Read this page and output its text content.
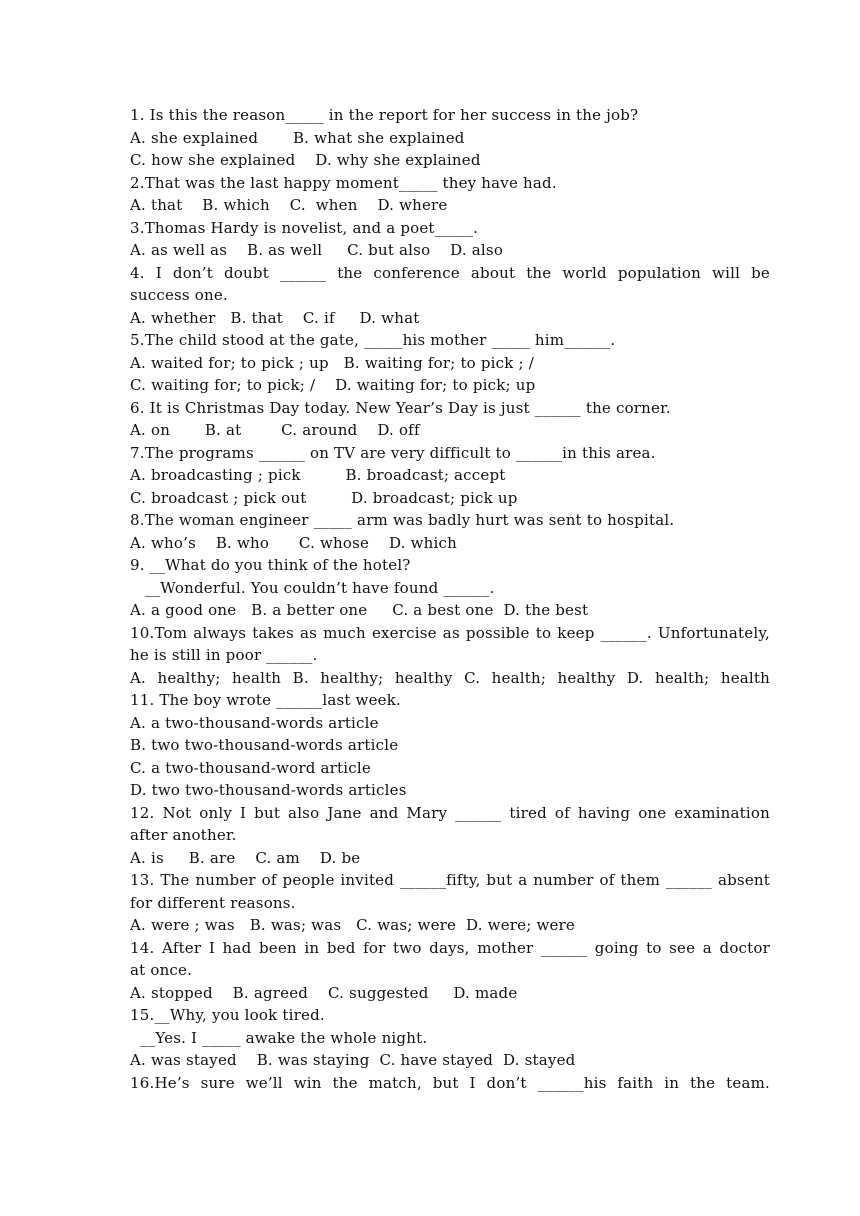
1. Is this the reason_____ in the report for her success in the job?
A. she explained       B. what she explained
C. how she explained    D. why she explained
2.That was the last happy moment_____ they have had.
A. that    B. which    C.  when    D. where
3.Thomas Hardy is novelist, and a poet_____.
A. as well as    B. as well     C. but also    D. also
4. I don’t doubt ______ the conference about the world population will be
success one.
A. whether   B. that    C. if     D. what
5.The child stood at the gate, _____his mother _____ him______.
A. waited for; to pick ; up   B. waiting for; to pick ; /
C. waiting for; to pick; /    D. waiting for; to pick; up
6. It is Christmas Day today. New Year’s Day is just ______ the corner.
A. on       B. at        C. around    D. off
7.The programs ______ on TV are very difficult to ______in this area.
A. broadcasting ; pick         B. broadcast; accept
C. broadcast ; pick out         D. broadcast; pick up
8.The woman engineer _____ arm was badly hurt was sent to hospital.
A. who’s    B. who      C. whose    D. which
9. __What do you think of the hotel?
__Wonderful. You couldn’t have found ______.
A. a good one   B. a better one     C. a best one  D. the best
10.Tom always takes as much exercise as possible to keep ______. Unfortunately,
he is still in poor ______.
A. healthy; health B. healthy; healthy C. health; healthy D. health; health
11. The boy wrote ______last week.
A. a two-thousand-words article
B. two two-thousand-words article
C. a two-thousand-word article
D. two two-thousand-words articles
12. Not only I but also Jane and Mary ______ tired of having one examination
after another.
A. is     B. are    C. am    D. be
13. The number of people invited ______fifty, but a number of them ______ absent
for different reasons.
A. were ; was   B. was; was   C. was; were  D. were; were
14. After I had been in bed for two days, mother ______ going to see a doctor
at once.
A. stopped    B. agreed    C. suggested     D. made
15.__Why, you look tired.
__Yes. I _____ awake the whole night.
A. was stayed    B. was staying  C. have stayed  D. stayed
16.He’s sure we’ll win the match, but I don’t ______his faith in the team.
